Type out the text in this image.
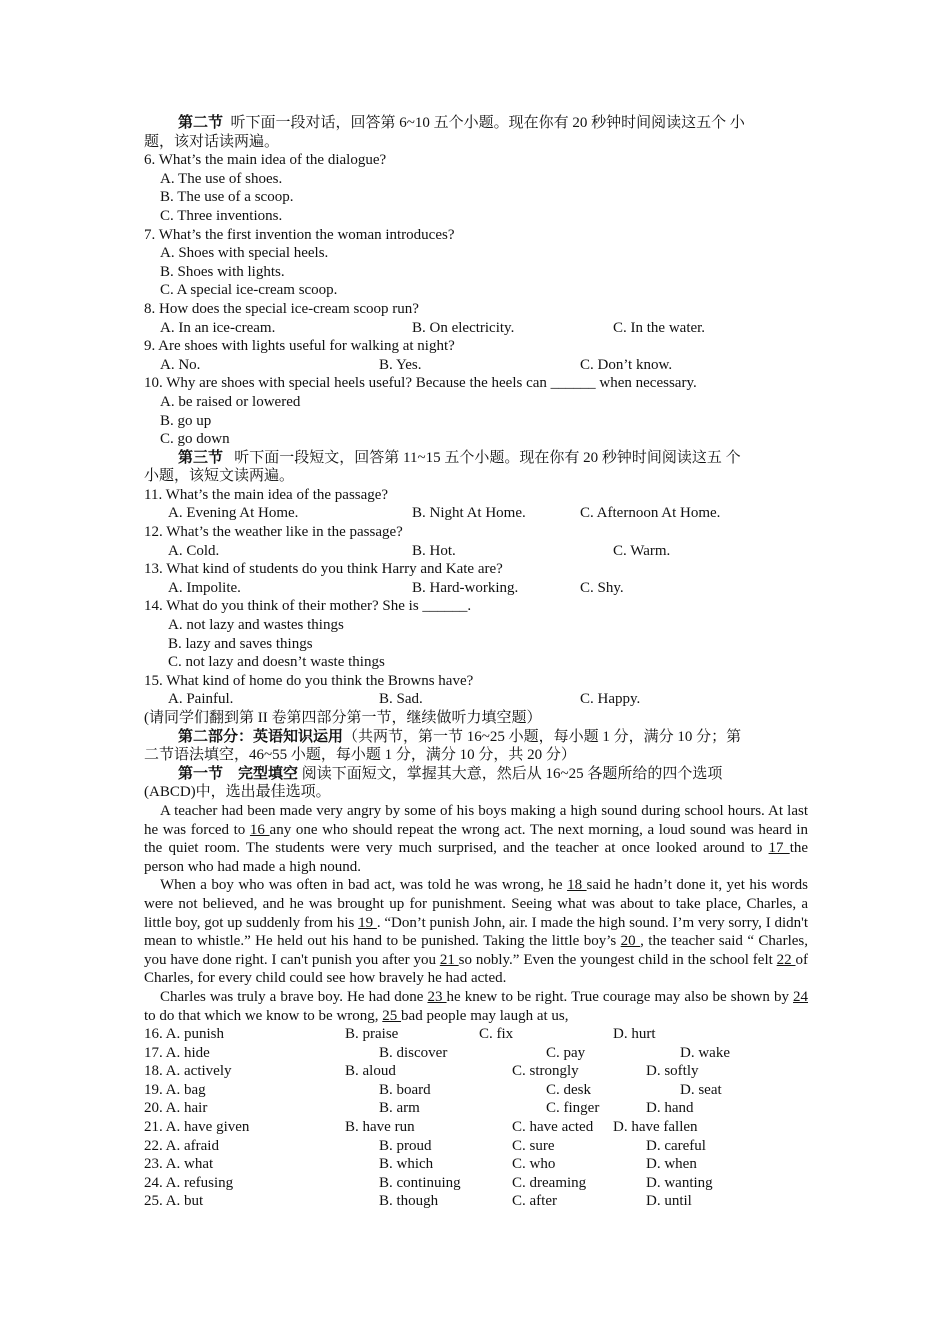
第二节 听下面一段对话，回答第 6~10 五个小题。现在你有 20 秒钟时间阅读这五个 小
题，该对话读两遍。
6. What’s the main idea of the dialogue?
A. The use of shoes.
B. The use of a scoop.
C. Three inventions.
7. What’s the first invention the woman introduces?
A. Shoes with special heels.
B. Shoes with lights.
C. A special ice-cream scoop.
8. How does the special ice-cream scoop run?
A. In an ice-cream.	B. On electricity.	C. In the water.
9. Are shoes with lights useful for walking at night?
A. No.	B. Yes.	C. Don’t know.
10. Why are shoes with special heels useful? Because the heels can ______ when necessary.
A. be raised or lowered
B. go up
C. go down
第三节 听下面一段短文，回答第 11~15 五个小题。现在你有 20 秒钟时间阅读这五 个
小题，该短文读两遍。
11. What’s the main idea of the passage?
A. Evening At Home.	B. Night At Home.	C. Afternoon At Home.
12. What’s the weather like in the passage?
A. Cold.	B. Hot.	C. Warm.
13. What kind of students do you think Harry and Kate are?
A. Impolite.	B. Hard-working.	C. Shy.
14. What do you think of their mother? She is ______.
A. not lazy and wastes things
B. lazy and saves things
C. not lazy and doesn’t waste things
15. What kind of home do you think the Browns have?
A. Painful.	B. Sad.	C. Happy.
(请同学们翻到第 II 卷第四部分第一节，继续做听力填空题）
第二部分：英语知识运用（共两节，第一节 16~25 小题，每小题 1 分，满分 10 分；第
二节语法填空，46~55 小题，每小题 1 分，满分 10 分，共 20 分）
第一节　完型填空 阅读下面短文，掌握其大意，然后从 16~25 各题所给的四个选项
(ABCD)中，选出最佳选项。
A teacher had been made very angry by some of his boys making a high sound during school hours. At last he was forced to 16 any one who should repeat the wrong act. The next morning, a loud sound was heard in the quiet room. The students were very much surprised, and the teacher at once looked around to 17 the person who had made a high nound.
When a boy who was often in bad act, was told he was wrong, he 18 said he hadn’t done it, yet his words were not believed, and he was brought up for punishment. Seeing what was about to take place, Charles, a little boy, got up suddenly from his 19 . “Don’t punish John, air. I made the high sound. I’m very sorry, I didn't mean to whistle.” He held out his hand to be punished. Taking the little boy’s 20 , the teacher said “ Charles, you have done right. I can't punish you after you 21 so nobly.” Even the youngest child in the school felt 22 of Charles, for every child could see how bravely he had acted.
Charles was truly a brave boy. He had done 23 he knew to be right. True courage may also be shown by 24 to do that which we know to be wrong, 25 bad people may laugh at us,
16. A. punish	B. praise	C. fix	D. hurt
17. A. hide	B. discover	C. pay	D. wake
18. A. actively	B. aloud	C. strongly	D. softly
19. A. bag	B. board	C. desk	D. seat
20. A. hair	B. arm	C. finger	D. hand
21. A. have given	B. have run	C. have acted D. have fallen
22. A. afraid	B. proud	C. sure	D. careful
23. A. what	B. which	C. who	D. when
24. A. refusing	B. continuing	C. dreaming	D. wanting
25. A. but	B. though	C. after	D. until
